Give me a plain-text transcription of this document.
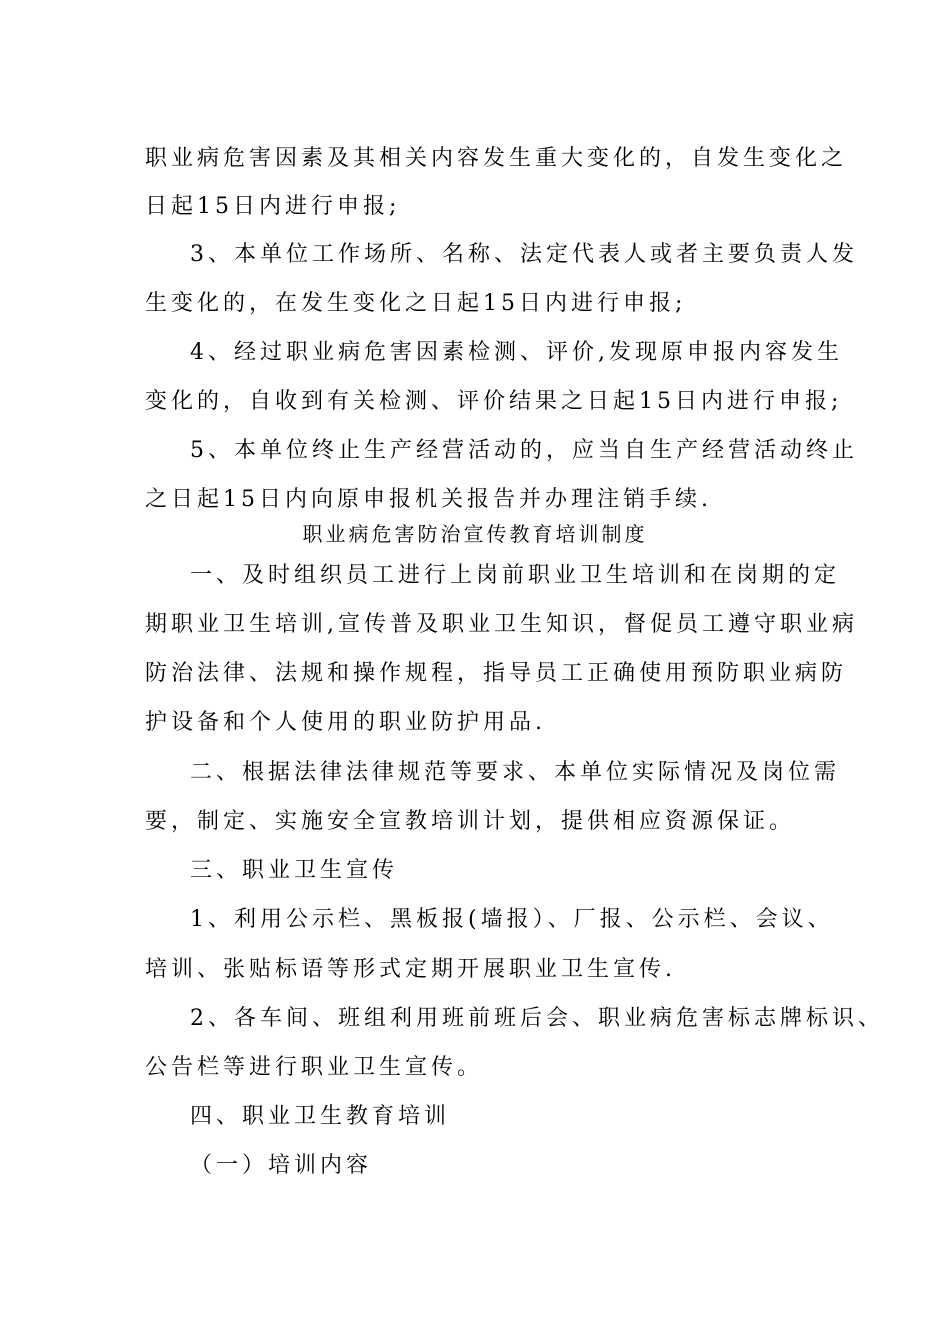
职业病危害因素及其相关内容发生重大变化的，自发生变化之
日起15日内进行申报;
3、本单位工作场所、名称、法定代表人或者主要负责人发
生变化的，在发生变化之日起15日内进行申报;
4、经过职业病危害因素检测、评价,发现原申报内容发生
变化的，自收到有关检测、评价结果之日起15日内进行申报;
5、本单位终止生产经营活动的，应当自生产经营活动终止
之日起15日内向原申报机关报告并办理注销手续.
职业病危害防治宣传教育培训制度
一、及时组织员工进行上岗前职业卫生培训和在岗期的定
期职业卫生培训,宣传普及职业卫生知识，督促员工遵守职业病
防治法律、法规和操作规程，指导员工正确使用预防职业病防
护设备和个人使用的职业防护用品.
二、根据法律法律规范等要求、本单位实际情况及岗位需
要，制定、实施安全宣教培训计划，提供相应资源保证。
三、职业卫生宣传
1、利用公示栏、黑板报(墙报）、厂报、公示栏、会议、
培训、张贴标语等形式定期开展职业卫生宣传.
2、各车间、班组利用班前班后会、职业病危害标志牌标识、
公告栏等进行职业卫生宣传。
四、职业卫生教育培训
（一）培训内容
